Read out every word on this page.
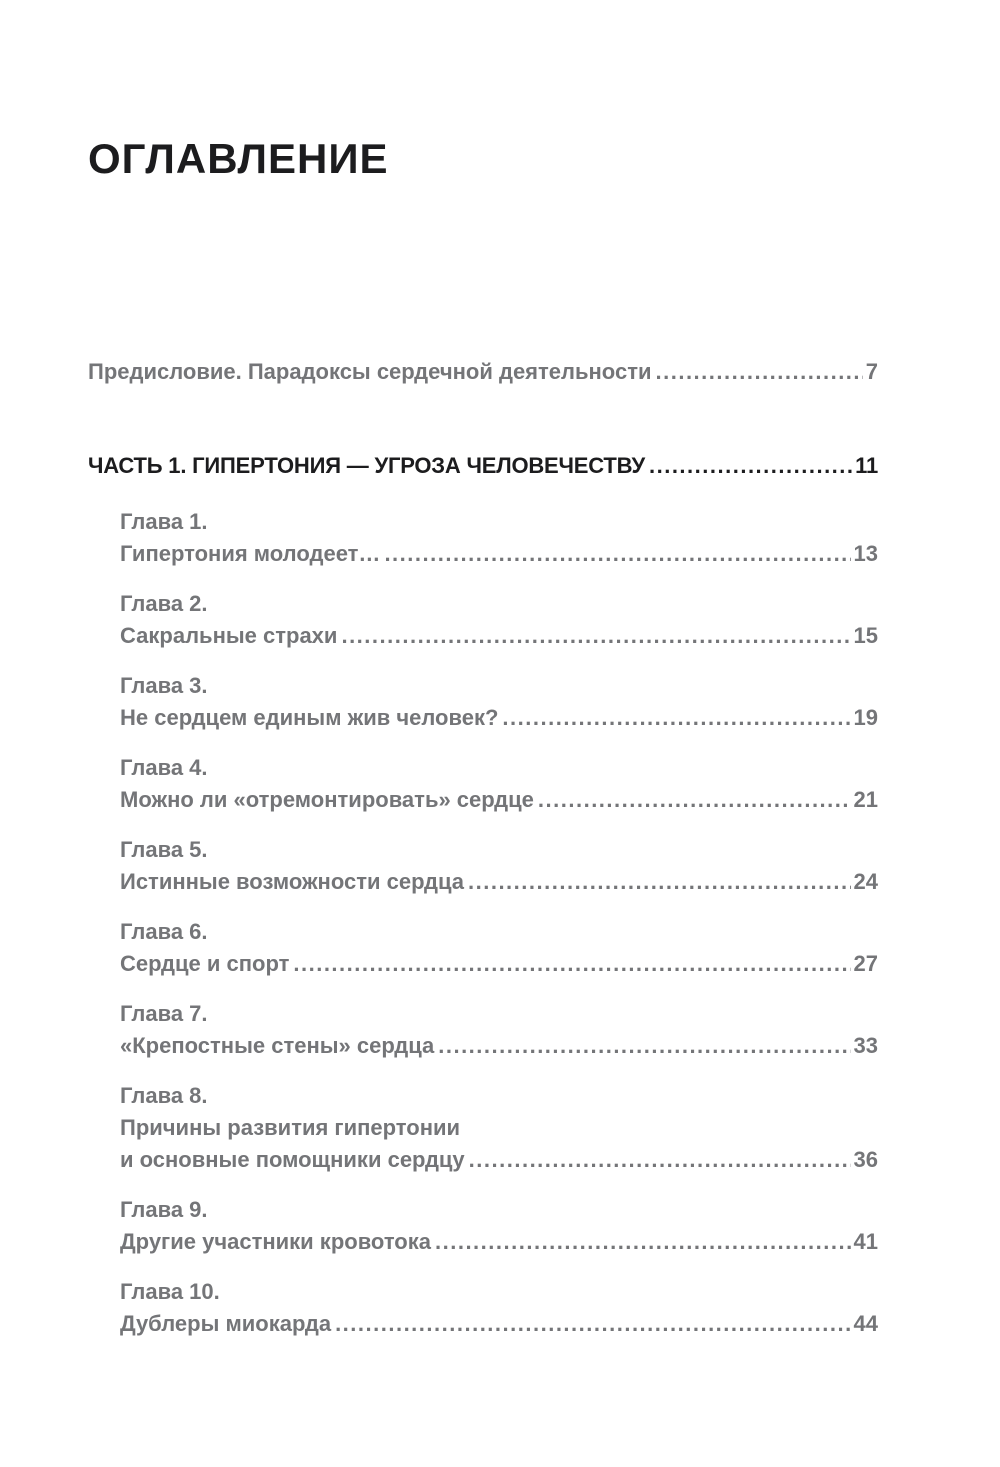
ОГЛАВЛЕНИЕ
Предисловие. Парадоксы сердечной деятельности .....	7
ЧАСТЬ 1. ГИПЕРТОНИЯ — УГРОЗА ЧЕЛОВЕЧЕСТВУ .....	11
Глава 1.
Гипертония молодеет… .....	13
Глава 2.
Сакральные страхи .....	15
Глава 3.
Не сердцем единым жив человек? .....	19
Глава 4.
Можно ли «отремонтировать» сердце .....	21
Глава 5.
Истинные возможности сердца .....	24
Глава 6.
Сердце и спорт .....	27
Глава 7.
«Крепостные стены» сердца .....	33
Глава 8.
Причины развития гипертонии
и основные помощники сердцу .....	36
Глава 9.
Другие участники кровотока .....	41
Глава 10.
Дублеры миокарда .....	44
